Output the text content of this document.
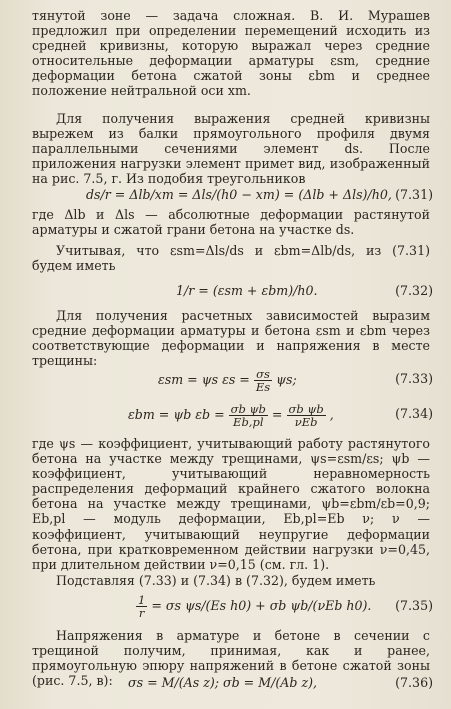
тянутой зоне — задача сложная. В. И. Мурашев предложил при определении перемещений исходить из средней кривизны, которую выражал через средние относительные деформации арматуры εsm, средние деформации бетона сжатой зоны εbm и среднее положение нейтральной оси xm.
Для получения выражения средней кривизны вырежем из балки прямоугольного профиля двумя параллельными сечениями элемент ds. После приложения нагрузки элемент примет вид, изображенный на рис. 7.5, г. Из подобия треугольников
ds/r = Δlb/xm = Δls/(h0 − xm) = (Δlb + Δls)/h0, (7.31)
где Δlb и Δls — абсолютные деформации растянутой арматуры и сжатой грани бетона на участке ds.
Учитывая, что εsm=Δls/ds и εbm=Δlb/ds, из (7.31) будем иметь
1/r = (εsm + εbm)/h0.	(7.32)
Для получения расчетных зависимостей выразим средние деформации арматуры и бетона εsm и εbm через соответствующие деформации и напряжения в месте трещины:
εsm = ψs $\varepsilon s = \frac{\sigma s}{Es} \psi s$;	(7.33)
εbm = ψb $\varepsilon b = \frac{\text{σb ψb}}{Eb,pl} = \frac{\text{σb ψb}}{\text{νEb}}$ ,	(7.34)
где ψs — коэффициент, учитывающий работу растянутого бетона на участке между трещинами, ψs=εsm/εs; ψb — коэффициент, учитывающий неравномерность распределения деформаций крайнего сжатого волокна бетона на участке между трещинами, ψb=εbm/εb=0,9; Eb,pl — модуль деформации, Eb,pl=Eb ν; ν — коэффициент, учитывающий неупругие деформации бетона, при кратковременном действии нагрузки ν=0,45, при длительном действии ν=0,15 (см. гл. 1).
Подставляя (7.33) и (7.34) в (7.32), будем иметь
$\frac{1}{r} = \sigma s$ ψs/(Es h0) + σb ψb/(νEb h0). (7.35)
Напряжения в арматуре и бетоне в сечении с трещиной получим, принимая, как и ранее, прямоугольную эпюру напряжений в бетоне сжатой зоны (рис. 7.5, в):	σs = M/(As z); σb = M/(Ab z),	(7.36)
